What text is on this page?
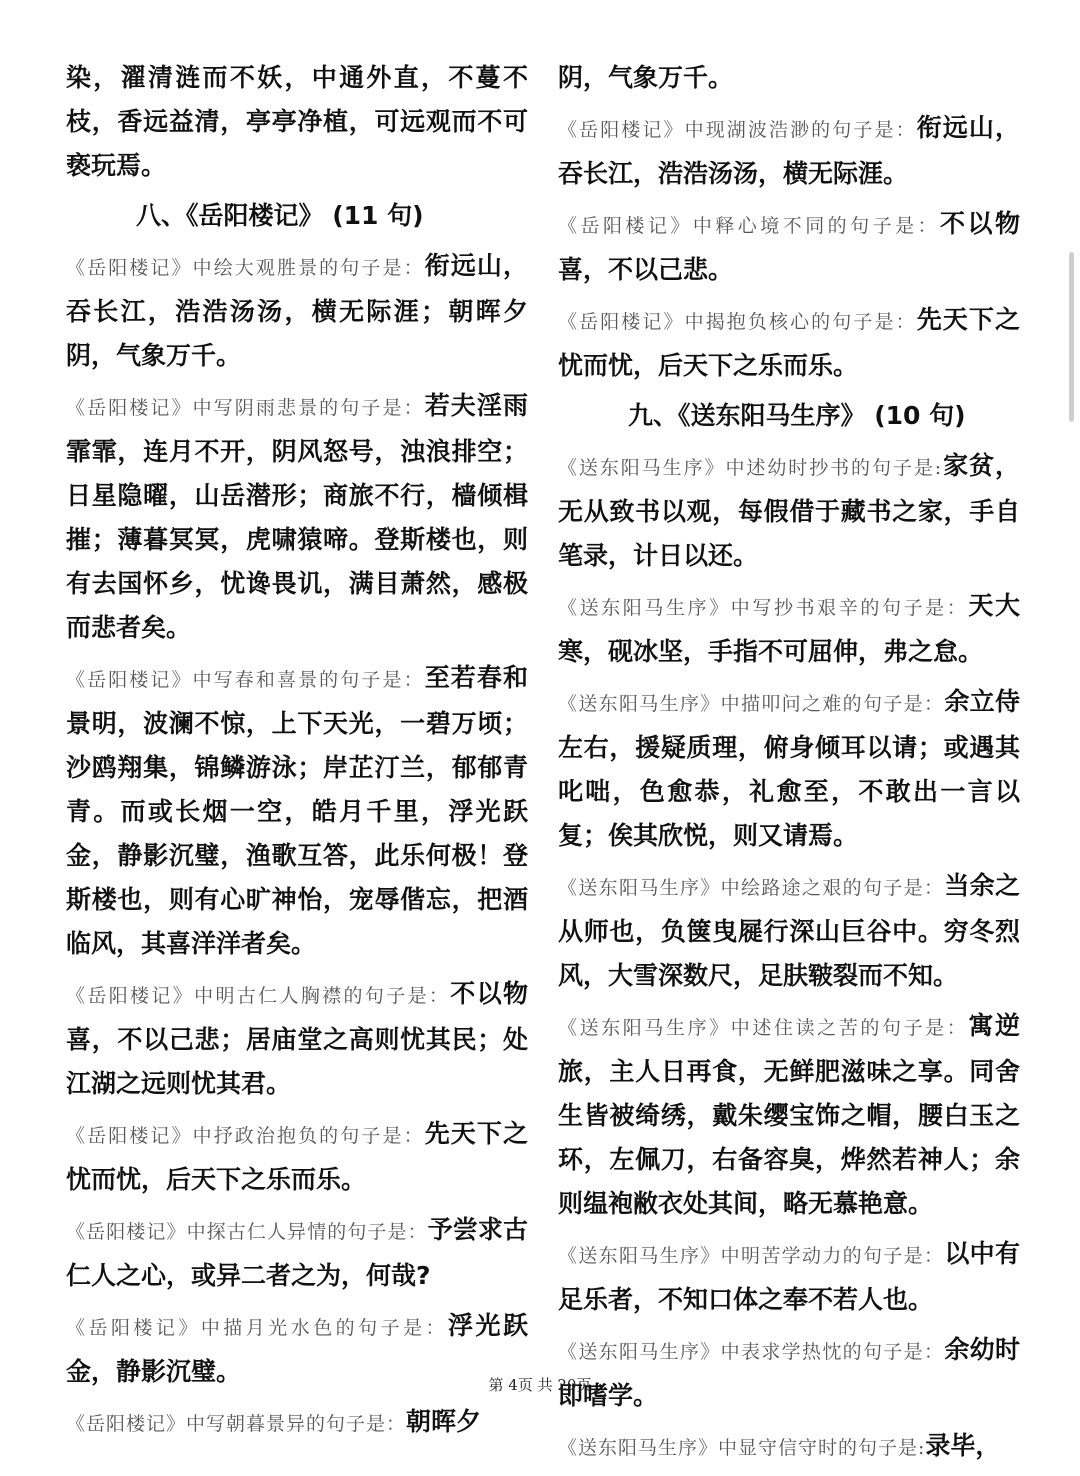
染，濯清涟而不妖，中通外直，不蔓不枝，香远益清，亭亭净植，可远观而不可亵玩焉。

八、《岳阳楼记》 (11 句)

《岳阳楼记》中绘大观胜景的句子是：衔远山，吞长江，浩浩汤汤，横无际涯；朝晖夕阴，气象万千。

《岳阳楼记》中写阴雨悲景的句子是：若夫淫雨霏霏，连月不开，阴风怒号，浊浪排空；日星隐曜，山岳潜形；商旅不行，樯倾楫摧；薄暮冥冥，虎啸猿啼。登斯楼也，则有去国怀乡，忧谗畏讥，满目萧然，感极而悲者矣。

《岳阳楼记》中写春和喜景的句子是：至若春和景明，波澜不惊，上下天光，一碧万顷；沙鸥翔集，锦鳞游泳；岸芷汀兰，郁郁青青。而或长烟一空，皓月千里，浮光跃金，静影沉璧，渔歌互答，此乐何极！登斯楼也，则有心旷神怡，宠辱偕忘，把酒临风，其喜洋洋者矣。

《岳阳楼记》中明古仁人胸襟的句子是：不以物喜，不以己悲；居庙堂之高则忧其民；处江湖之远则忧其君。

《岳阳楼记》中抒政治抱负的句子是：先天下之忧而忧，后天下之乐而乐。

《岳阳楼记》中探古仁人异情的句子是：予尝求古仁人之心，或异二者之为，何哉?

《岳阳楼记》中描月光水色的句子是：浮光跃金，静影沉璧。

《岳阳楼记》中写朝暮景异的句子是：朝晖夕

阴，气象万千。

《岳阳楼记》中现湖波浩渺的句子是：衔远山，吞长江，浩浩汤汤，横无际涯。

《岳阳楼记》中释心境不同的句子是：不以物喜，不以己悲。

《岳阳楼记》中揭抱负核心的句子是：先天下之忧而忧，后天下之乐而乐。

九、《送东阳马生序》 (10 句)

《送东阳马生序》中述幼时抄书的句子是:家贫，无从致书以观，每假借于藏书之家，手自笔录，计日以还。

《送东阳马生序》中写抄书艰辛的句子是：天大寒，砚冰坚，手指不可屈伸，弗之怠。

《送东阳马生序》中描叩问之难的句子是：余立侍左右，援疑质理，俯身倾耳以请；或遇其叱咄，色愈恭，礼愈至，不敢出一言以复；俟其欣悦，则又请焉。

《送东阳马生序》中绘路途之艰的句子是：当余之从师也，负箧曳屣行深山巨谷中。穷冬烈风，大雪深数尺，足肤皲裂而不知。

《送东阳马生序》中述住读之苦的句子是：寓逆旅，主人日再食，无鲜肥滋味之享。同舍生皆被绮绣，戴朱缨宝饰之帽，腰白玉之环，左佩刀，右备容臭，烨然若神人；余则缊袍敝衣处其间，略无慕艳意。

《送东阳马生序》中明苦学动力的句子是：以中有足乐者，不知口体之奉不若人也。

《送东阳马生序》中表求学热忱的句子是：余幼时即嗜学。

《送东阳马生序》中显守信守时的句子是:录毕，

第 4页 共 20页
